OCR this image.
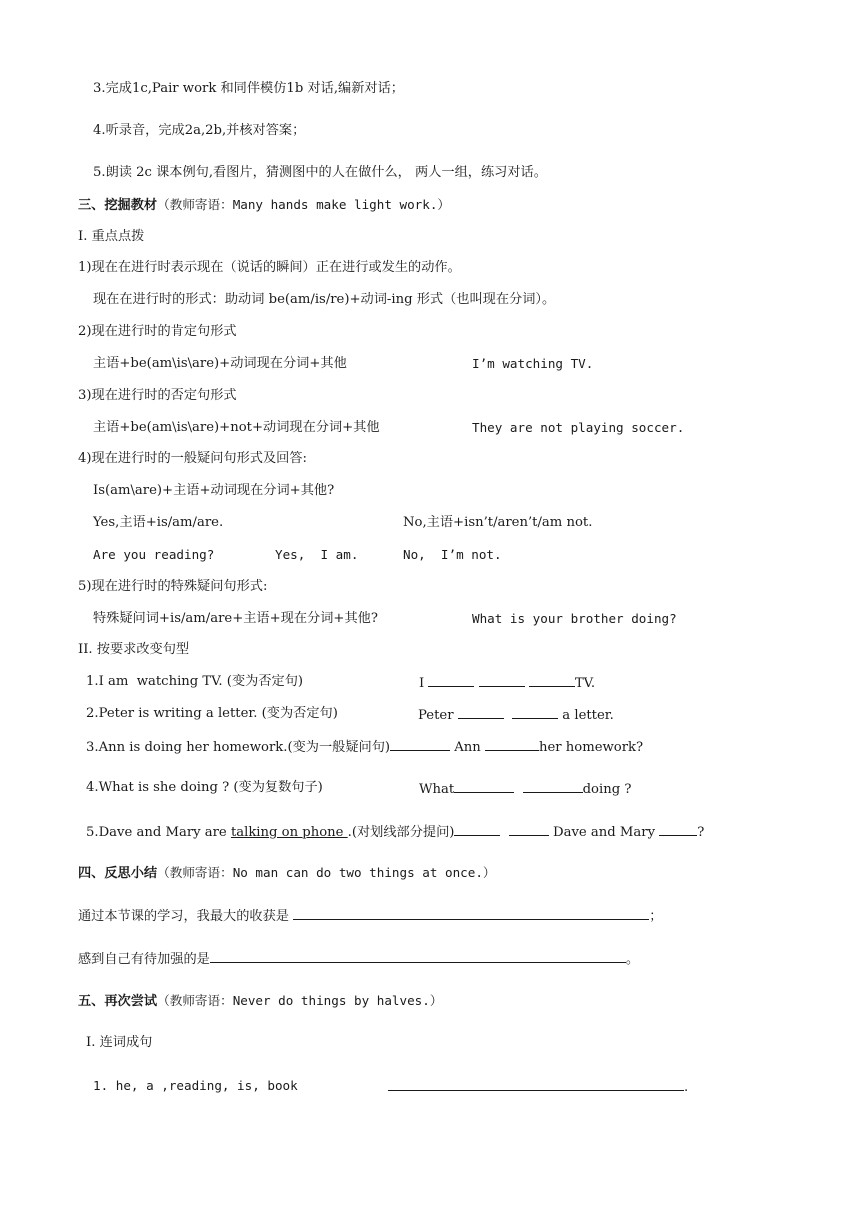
3.完成1c,Pair work 和同伴模仿1b 对话,编新对话；
4.听录音，完成2a,2b,并核对答案；
5.朗读 2c 课本例句,看图片，猜测图中的人在做什么， 两人一组，练习对话。
三、挖掘教材（教师寄语：Many hands make light work.）
I. 重点点拨
1)现在在进行时表示现在（说话的瞬间）正在进行或发生的动作。
现在在进行时的形式：助动词 be(am/is/re)+动词-ing 形式（也叫现在分词）。
2)现在进行时的肯定句形式
主语+be(am\is\are)+动词现在分词+其他	I’m watching TV.
3)现在进行时的否定句形式
主语+be(am\is\are)+not+动词现在分词+其他	They are not playing soccer.
4)现在进行时的一般疑问句形式及回答:
Is(am\are)+主语+动词现在分词+其他?
Yes,主语+is/am/are.	No,主语+isn’t/aren’t/am not.
Are you reading?	Yes,  I am.	No,  I’m not.
5)现在进行时的特殊疑问句形式:
特殊疑问词+is/am/are+主语+现在分词+其他?	What is your brother doing?
II. 按要求改变句型
1.I am  watching TV. (变为否定句)	I	TV.
2.Peter is writing a letter. (变为否定句)	Peter	a letter.
3.Ann is doing her homework.(变为一般疑问句)	Ann	her homework?
4.What is she doing ? (变为复数句子)	What	doing ?
5.Dave and Mary are talking on phone .(对划线部分提问)	Dave and Mary	?
四、反思小结（教师寄语：No man can do two things at once.）
通过本节课的学习，我最大的收获是	；
感到自己有待加强的是	。
五、再次尝试（教师寄语：Never do things by halves.）
I. 连词成句
1. he, a ,reading, is, book	.
